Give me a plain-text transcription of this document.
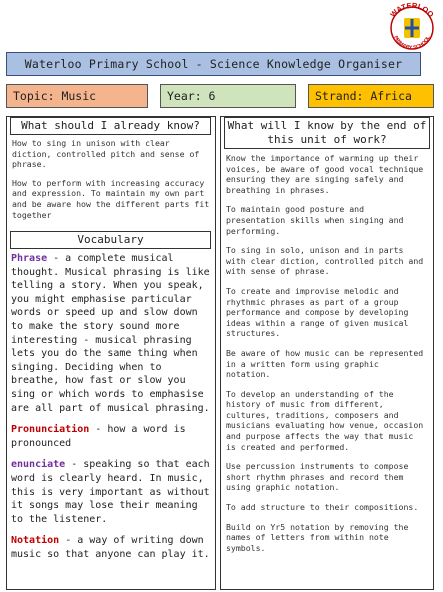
WATERLOO
PRIMARY SCHOOL
Waterloo Primary School - Science Knowledge Organiser
Topic: Music	Year: 6	Strand: Africa
What should I already know?

How to sing in unison with clear diction, controlled pitch and sense of phrase.

How to perform with increasing accuracy and expression. To maintain my own part and be aware how the different parts fit together

Vocabulary

Phrase - a complete musical thought. Musical phrasing is like telling a story. When you speak, you might emphasise particular words or speed up and slow down to make the story sound more interesting - musical phrasing lets you do the same thing when singing. Deciding when to breathe, how fast or slow you sing or which words to emphasise are all part of musical phrasing.

Pronunciation - how a word is pronounced

enunciate - speaking so that each word is clearly heard. In music, this is very important as without it songs may lose their meaning to the listener.

Notation - a way of writing down music so that anyone can play it.

What will I know by the end of this unit of work?

Know the importance of warming up their voices, be aware of good vocal technique ensuring they are singing safely and breathing in phrases.

To maintain good posture and presentation skills when singing and performing.

To sing in solo, unison and in parts with clear diction, controlled pitch and with sense of phrase.

To create and improvise melodic and rhythmic phrases as part of a group performance and compose by developing ideas within a range of given musical structures.

Be aware of how music can be represented in a written form using graphic notation.

To develop an understanding of the history of music from different, cultures, traditions, composers and musicians evaluating how venue, occasion and purpose affects the way that music is created and performed.

Use percussion instruments to compose short rhythm phrases and record them using graphic notation.

To add structure to their compositions.

Build on Yr5 notation by removing the names of letters from within note symbols.
